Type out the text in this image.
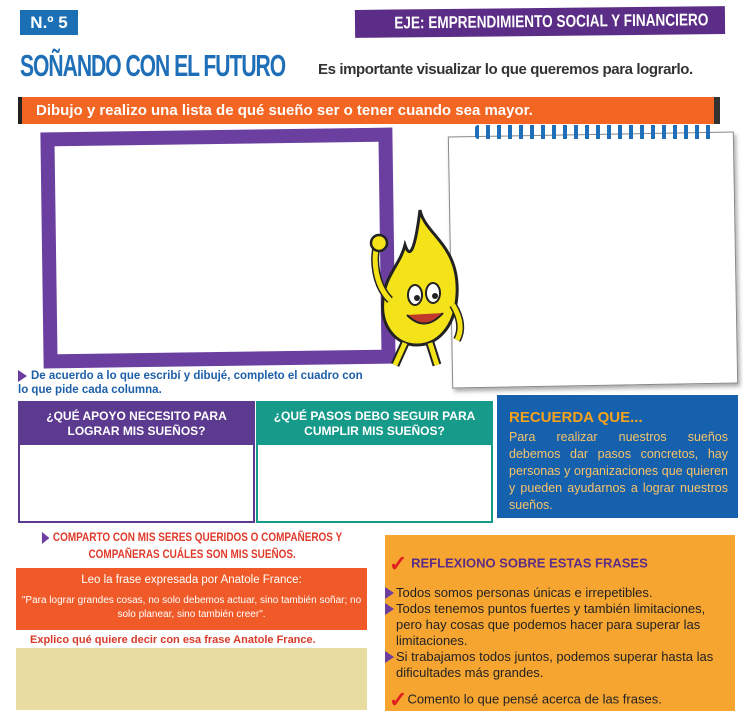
N.º 5	EJE: EMPRENDIMIENTO SOCIAL Y FINANCIERO
SOÑANDO CON EL FUTURO Es importante visualizar lo que queremos para lograrlo.
Dibujo y realizo una lista de qué sueño ser o tener cuando sea mayor.
De acuerdo a lo que escribí y dibujé, completo el cuadro con lo que pide cada columna.
¿QUÉ APOYO NECESITO PARA LOGRAR MIS SUEÑOS?
¿QUÉ PASOS DEBO SEGUIR PARA CUMPLIR MIS SUEÑOS?
RECUERDA QUE...
Para realizar nuestros sueños debemos dar pasos concretos, hay personas y organizaciones que quieren y pueden ayudarnos a lograr nuestros sueños.
COMPARTO CON MIS SERES QUERIDOS O COMPAÑEROS Y COMPAÑERAS CUÁLES SON MIS SUEÑOS.
Leo la frase expresada por Anatole France:
"Para lograr grandes cosas, no solo debemos actuar, sino también soñar; no solo planear, sino también creer".
Explico qué quiere decir con esa frase Anatole France.
✓ REFLEXIONO SOBRE ESTAS FRASES
Todos somos personas únicas e irrepetibles.
Todos tenemos puntos fuertes y también limitaciones, pero hay cosas que podemos hacer para superar las limitaciones.
Si trabajamos todos juntos, podemos superar hasta las dificultades más grandes.
✓Comento lo que pensé acerca de las frases.
